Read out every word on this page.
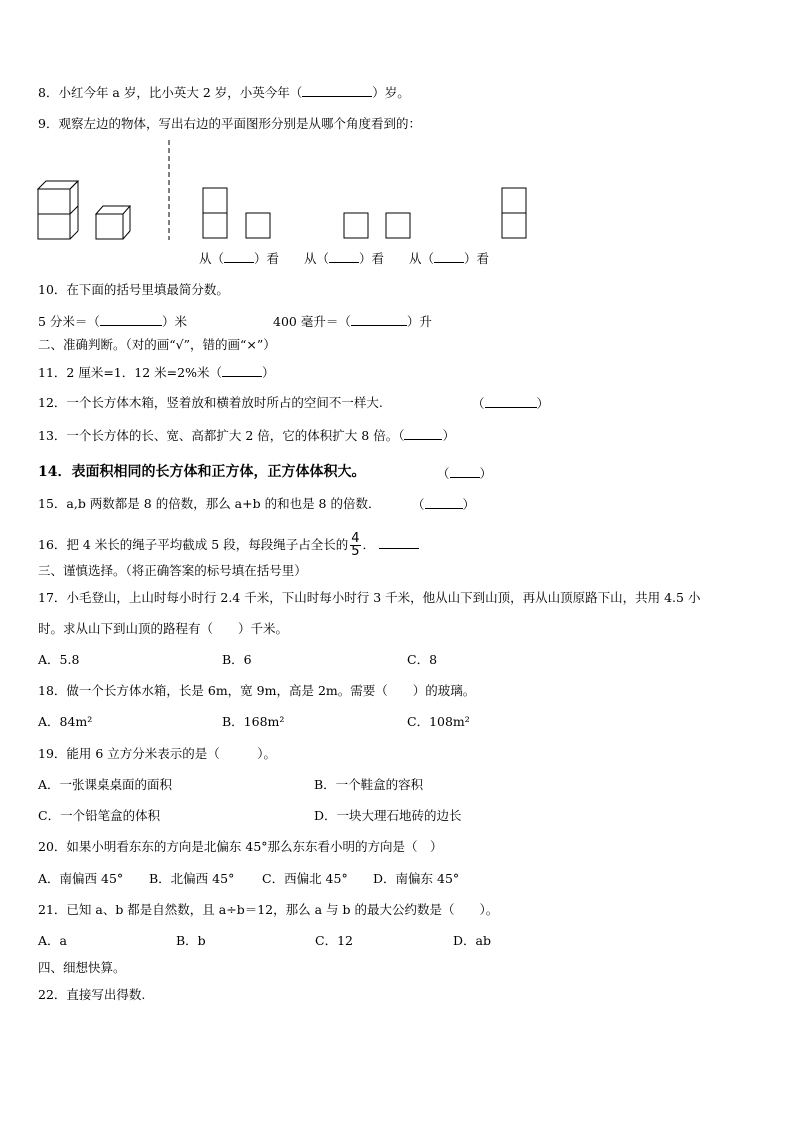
8．小红今年 a 岁，比小英大 2 岁，小英今年（	）岁。
9．观察左边的物体，写出右边的平面图形分别是从哪个角度看到的：
从（ ）看 从（ ）看 从（ ）看
10．在下面的括号里填最简分数。
5 分米＝（	）米	400 毫升＝（	）升
二、准确判断。（对的画“√”，错的画“×”）
11．2 厘米=1．12 米=2%米（	）
12．一个长方体木箱，竖着放和横着放时所占的空间不一样大.	（	）
13．一个长方体的长、宽、高都扩大 2 倍，它的体积扩大 8 倍。（	）
14．表面积相同的长方体和正方体，正方体体积大。	（ ）
15．a,b 两数都是 8 的倍数，那么 a+b 的和也是 8 的倍数．	（	）
16．把 4 米长的绳子平均截成 5 段，每段绳子占全长的 $\frac{4}{5}$ ．
三、谨慎选择。（将正确答案的标号填在括号里）
17．小毛登山，上山时每小时行 2.4 千米，下山时每小时行 3 千米，他从山下到山顶，再从山顶原路下山，共用 4.5 小
时。求从山下到山顶的路程有（　　）千米。
A．5.8	B．6	C．8
18．做一个长方体水箱，长是 6m，宽 9m，高是 2m。需要（　　）的玻璃。
A．84m²	B．168m²	C．108m²
19．能用 6 立方分米表示的是（　　　）。
A．一张课桌桌面的面积	B．一个鞋盒的容积
C．一个铅笔盒的体积	D．一块大理石地砖的边长
20．如果小明看东东的方向是北偏东 45°那么东东看小明的方向是（　）
A．南偏西 45° B．北偏西 45° C．西偏北 45° D．南偏东 45°
21．已知 a、b 都是自然数，且 a÷b＝12，那么 a 与 b 的最大公约数是（　　）。
A．a	B．b	C．12	D．ab
四、细想快算。
22．直接写出得数.
